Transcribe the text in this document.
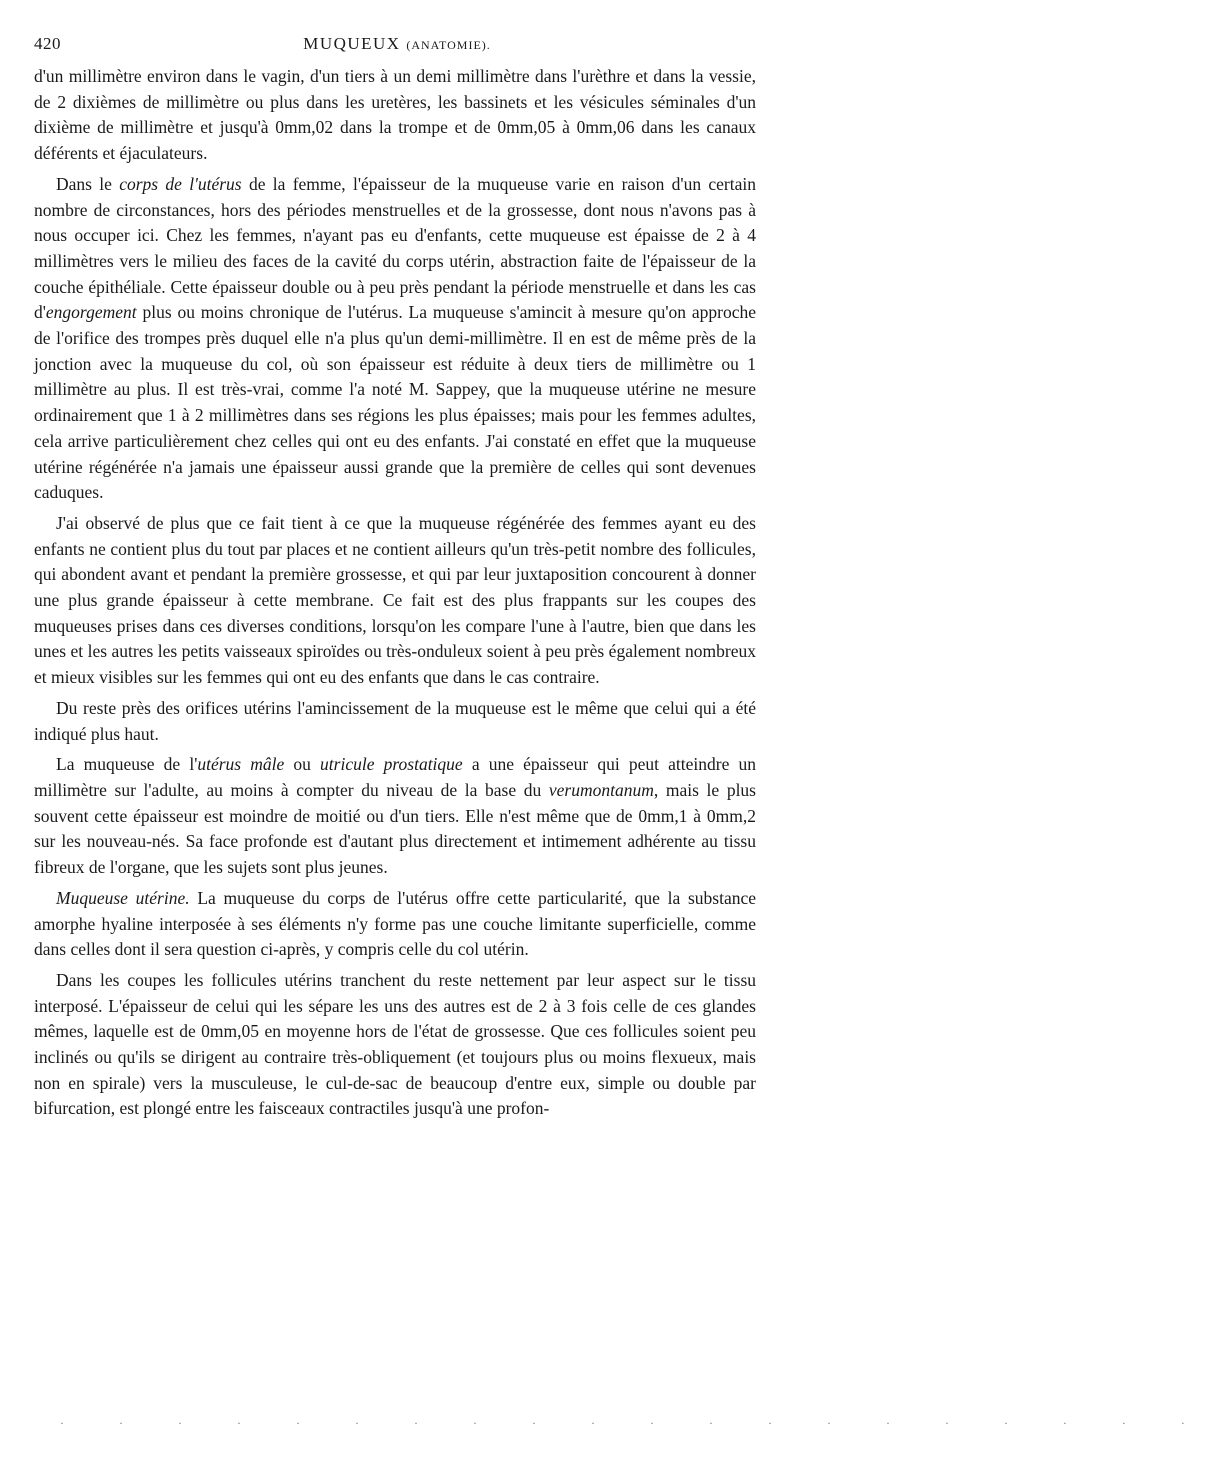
420	MUQUEUX (ANATOMIE).

d'un millimètre environ dans le vagin, d'un tiers à un demi millimètre dans l'urèthre et dans la vessie, de 2 dixièmes de millimètre ou plus dans les uretères, les bassinets et les vésicules séminales d'un dixième de millimètre et jusqu'à 0mm,02 dans la trompe et de 0mm,05 à 0mm,06 dans les canaux déférents et éjaculateurs.

Dans le corps de l'utérus de la femme, l'épaisseur de la muqueuse varie en raison d'un certain nombre de circonstances, hors des périodes menstruelles et de la grossesse, dont nous n'avons pas à nous occuper ici. Chez les femmes, n'ayant pas eu d'enfants, cette muqueuse est épaisse de 2 à 4 millimètres vers le milieu des faces de la cavité du corps utérin, abstraction faite de l'épaisseur de la couche épithéliale. Cette épaisseur double ou à peu près pendant la période menstruelle et dans les cas d'engorgement plus ou moins chronique de l'utérus. La muqueuse s'amincit à mesure qu'on approche de l'orifice des trompes près duquel elle n'a plus qu'un demi-millimètre. Il en est de même près de la jonction avec la muqueuse du col, où son épaisseur est réduite à deux tiers de millimètre ou 1 millimètre au plus. Il est très-vrai, comme l'a noté M. Sappey, que la muqueuse utérine ne mesure ordinairement que 1 à 2 millimètres dans ses régions les plus épaisses; mais pour les femmes adultes, cela arrive particulièrement chez celles qui ont eu des enfants. J'ai constaté en effet que la muqueuse utérine régénérée n'a jamais une épaisseur aussi grande que la première de celles qui sont devenues caduques.

J'ai observé de plus que ce fait tient à ce que la muqueuse régénérée des femmes ayant eu des enfants ne contient plus du tout par places et ne contient ailleurs qu'un très-petit nombre des follicules, qui abondent avant et pendant la première grossesse, et qui par leur juxtaposition concourent à donner une plus grande épaisseur à cette membrane. Ce fait est des plus frappants sur les coupes des muqueuses prises dans ces diverses conditions, lorsqu'on les compare l'une à l'autre, bien que dans les unes et les autres les petits vaisseaux spiroïdes ou très-onduleux soient à peu près également nombreux et mieux visibles sur les femmes qui ont eu des enfants que dans le cas contraire.

Du reste près des orifices utérins l'amincissement de la muqueuse est le même que celui qui a été indiqué plus haut.

La muqueuse de l'utérus mâle ou utricule prostatique a une épaisseur qui peut atteindre un millimètre sur l'adulte, au moins à compter du niveau de la base du verumontanum, mais le plus souvent cette épaisseur est moindre de moitié ou d'un tiers. Elle n'est même que de 0mm,1 à 0mm,2 sur les nouveau-nés. Sa face profonde est d'autant plus directement et intimement adhérente au tissu fibreux de l'organe, que les sujets sont plus jeunes.

Muqueuse utérine. La muqueuse du corps de l'utérus offre cette particularité, que la substance amorphe hyaline interposée à ses éléments n'y forme pas une couche limitante superficielle, comme dans celles dont il sera question ci-après, y compris celle du col utérin.

Dans les coupes les follicules utérins tranchent du reste nettement par leur aspect sur le tissu interposé. L'épaisseur de celui qui les sépare les uns des autres est de 2 à 3 fois celle de ces glandes mêmes, laquelle est de 0mm,05 en moyenne hors de l'état de grossesse. Que ces follicules soient peu inclinés ou qu'ils se dirigent au contraire très-obliquement (et toujours plus ou moins flexueux, mais non en spirale) vers la musculeuse, le cul-de-sac de beaucoup d'entre eux, simple ou double par bifurcation, est plongé entre les faisceaux contractiles jusqu'à une profon-

· · · · · · · · · · · · · · · · · · · ·
